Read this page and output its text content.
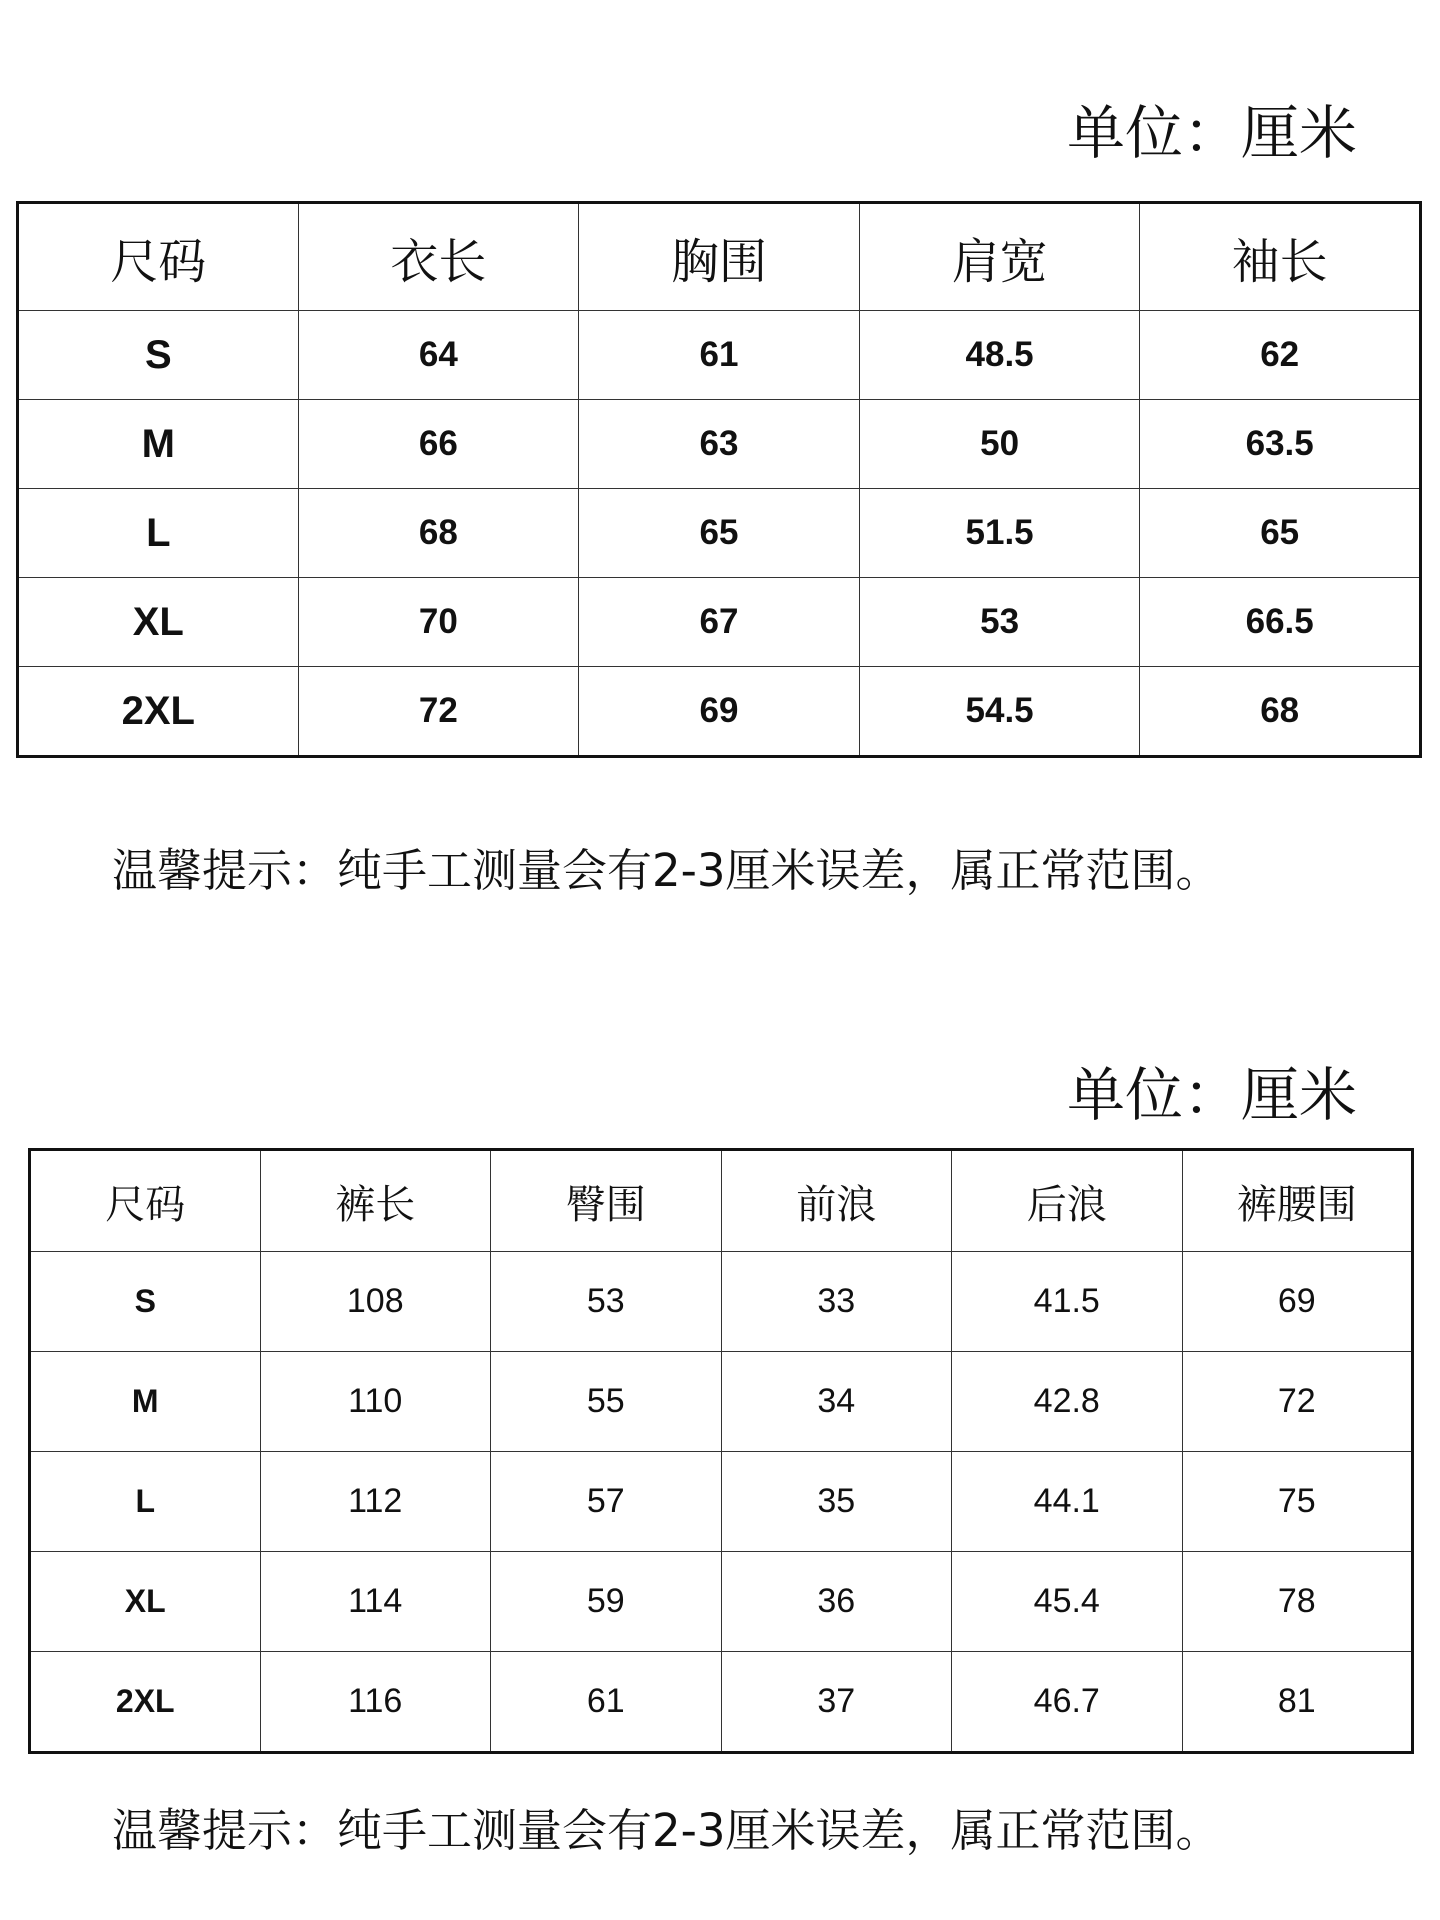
单位：厘米
尺码	衣长	胸围	肩宽	袖长
S	64	61	48.5	62
M	66	63	50	63.5
L	68	65	51.5	65
XL	70	67	53	66.5
2XL	72	69	54.5	68
温馨提示：纯手工测量会有2-3厘米误差，属正常范围。
单位：厘米
尺码	裤长	臀围	前浪	后浪	裤腰围
S	108	53	33	41.5	69
M	110	55	34	42.8	72
L	112	57	35	44.1	75
XL	114	59	36	45.4	78
2XL	116	61	37	46.7	81
温馨提示：纯手工测量会有2-3厘米误差，属正常范围。
